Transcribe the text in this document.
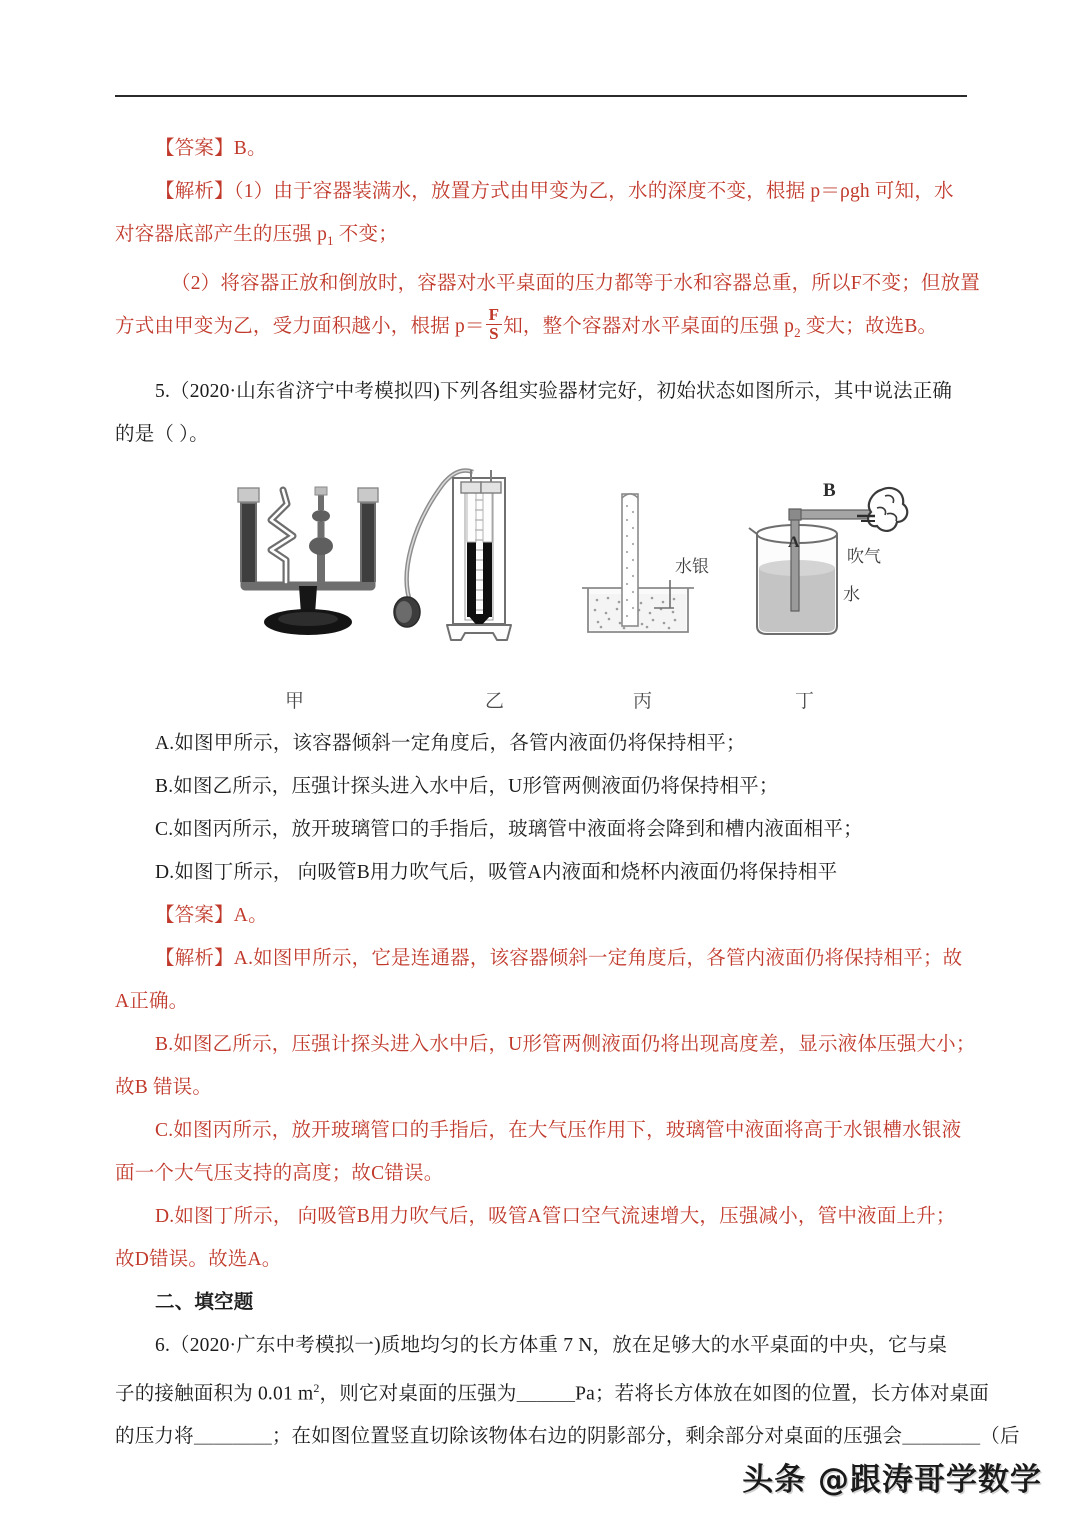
【答案】B。
【解析】（1）由于容器装满水，放置方式由甲变为乙，水的深度不变，根据 p＝ρgh 可知，水
对容器底部产生的压强 $p_1$ 不变；
（2）将容器正放和倒放时，容器对水平桌面的压力都等于水和容器总重，所以F不变；但放置
方式由甲变为乙，受力面积越小，根据 $p= \frac{F}{S}$ 知，整个容器对水平桌面的压强 $p_2$ 变大；故选B。
5.（2020·山东省济宁中考模拟四)下列各组实验器材完好，初始状态如图所示，其中说法正确
的是（ ）。
水银
B
A
吹气
水
甲	乙	丙	丁
A.如图甲所示，该容器倾斜一定角度后，各管内液面仍将保持相平；
B.如图乙所示，压强计探头进入水中后，U形管两侧液面仍将保持相平；
C.如图丙所示，放开玻璃管口的手指后，玻璃管中液面将会降到和槽内液面相平；
D.如图丁所示， 向吸管B用力吹气后，吸管A内液面和烧杯内液面仍将保持相平
【答案】A。
【解析】A.如图甲所示，它是连通器，该容器倾斜一定角度后，各管内液面仍将保持相平；故
A正确。
B.如图乙所示，压强计探头进入水中后，U形管两侧液面仍将出现高度差，显示液体压强大小；
故B 错误。
C.如图丙所示，放开玻璃管口的手指后，在大气压作用下，玻璃管中液面将高于水银槽水银液
面一个大气压支持的高度；故C错误。
D.如图丁所示， 向吸管B用力吹气后，吸管A管口空气流速增大，压强减小，管中液面上升；
故D错误。故选A。
二、填空题
6.（2020·广东中考模拟一)质地均匀的长方体重 7 N，放在足够大的水平桌面的中央，它与桌
子的接触面积为 0.01 $m^2$，则它对桌面的压强为＿＿＿Pa；若将长方体放在如图的位置，长方体对桌面
的压力将＿＿＿＿；在如图位置竖直切除该物体右边的阴影部分，剩余部分对桌面的压强会＿＿＿＿（后
头条 @跟涛哥学数学
